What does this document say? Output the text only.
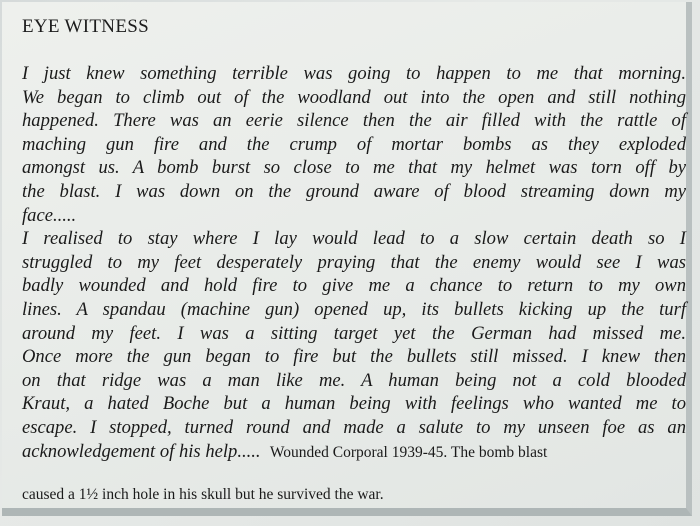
EYE WITNESS
I just knew something terrible was going to happen to me that morning.
We began to climb out of the woodland out into the open and still nothing
happened. There was an eerie silence then the air filled with the rattle of
maching gun fire and the crump of mortar bombs as they exploded
amongst us. A bomb burst so close to me that my helmet was torn off by
the blast. I was down on the ground aware of blood streaming down my
face.....
I realised to stay where I lay would lead to a slow certain death so I
struggled to my feet desperately praying that the enemy would see I was
badly wounded and hold fire to give me a chance to return to my own
lines. A spandau (machine gun) opened up, its bullets kicking up the turf
around my feet. I was a sitting target yet the German had missed me.
Once more the gun began to fire but the bullets still missed. I knew then
on that ridge was a man like me. A human being not a cold blooded
Kraut, a hated Boche but a human being with feelings who wanted me to
escape. I stopped, turned round and made a salute to my unseen foe as an
acknowledgement of his help..... Wounded Corporal 1939-45. The bomb blast
caused a 1½ inch hole in his skull but he survived the war.
